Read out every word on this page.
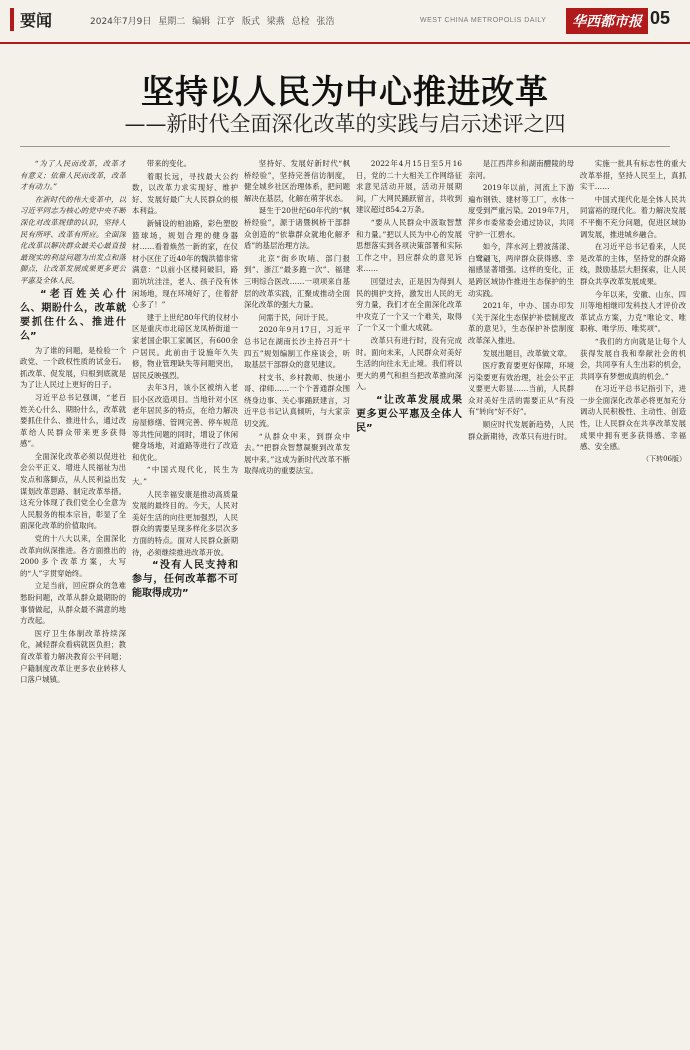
要闻	2024年7月9日 星期二 编辑 江亨 版式 梁燕 总检 张浩	WEST CHINA METROPOLIS DAILY	华西都市报 05
坚持以人民为中心推进改革
——新时代全面深化改革的实践与启示述评之四

“为了人民而改革，改革才有意义；依靠人民而改革，改革才有动力。”

在新时代的伟大变革中，以习近平同志为核心的党中央不断深化对改革规律的认识，坚持人民有所呼、改革有所应。全面深化改革以解决群众最关心最直接最现实的利益问题为出发点和落脚点，让改革发展成果更多更公平惠及全体人民。

“老百姓关心什么、期盼什么，改革就要抓住什么、推进什么”

为了谁的问题，是检验一个政党、一个政权性质的试金石。抓改革、促发展，归根到底就是为了让人民过上更好的日子。

习近平总书记强调，“老百姓关心什么、期盼什么，改革就要抓住什么、推进什么，通过改革给人民群众带来更多获得感”。

全面深化改革必须以促进社会公平正义、增进人民福祉为出发点和落脚点，从人民利益出发谋划改革思路、制定改革举措。这充分体现了我们党全心全意为人民服务的根本宗旨，彰显了全面深化改革的价值取向。

党的十八大以来，全面深化改革向纵深推进。各方面推出的2000多个改革方案，大写的“人”字贯穿始终。

立足当前，回应群众的急难愁盼问题，改革从群众最期盼的事情做起，从群众最不满意的地方改起。

医疗卫生体制改革持续深化，减轻群众看病就医负担；教育改革着力解决教育公平问题；户籍制度改革让更多农业转移人口落户城镇。

带来的变化。

着眼长远，寻找最大公约数，以改革力求实现好、维护好、发展好最广大人民群众的根本利益。

新铺设的柏油路，彩色塑胶篮球场，规划合理的健身器材……看着焕然一新的家，在仪材小区住了近40年的魏洪德非常满意：“以前小区楼间破旧，路面坑坑洼洼，老人、孩子没有休闲场地，现在环境好了，住着舒心多了！”

建于上世纪80年代的仪材小区是重庆市北碚区龙凤桥街道一家老国企职工家属区，有600余户居民。此前由于设施年久失修，物业管理缺失等问题突出，居民反映强烈。

去年3月，该小区被纳入老旧小区改造项目。当地针对小区老年居民多的特点，在给力解决房屋修缮、管网完善、停车规范等共性问题的同时，增设了休闲健身场地，对道路等进行了改造和优化。

“中国式现代化，民生为大。”

人民幸福安康是推动高质量发展的最终目的。今天，人民对美好生活的向往更加强烈，人民群众的需要呈现多样化多层次多方面的特点。面对人民群众新期待，必须继续推进改革开放。

“没有人民支持和参与，任何改革都不可能取得成功”

坚持好、发展好新时代“枫桥经验”，坚持完善信访制度，健全城乡社区治理体系，把问题解决在基层，化解在萌芽状态。

诞生于20世纪60年代的“枫桥经验”，源于诸暨枫桥干部群众创造的“依靠群众就地化解矛盾”的基层治理方法。

北京“街乡吹哨、部门报到”、浙江“最多跑一次”、福建三明综合医改……一项项来自基层的改革实践，汇聚成推动全面深化改革的强大力量。

问需于民，问计于民。

2020年9月17日，习近平总书记在湖南长沙主持召开“十四五”规划编制工作座谈会，听取基层干部群众的意见建议。

村支书、乡村教师、快递小哥、律师……一个个普通群众围绕身边事、关心事踊跃建言，习近平总书记认真倾听，与大家亲切交流。

“从群众中来，到群众中去。”“把群众智慧凝聚到改革发展中来。”这成为新时代改革不断取得成功的重要法宝。

2022年4月15日至5月16日，党的二十大相关工作网络征求意见活动开展，活动开展期间，广大网民踊跃留言，共收到建议超过854.2万条。

“要从人民群众中汲取智慧和力量。”把以人民为中心的发展思想落实到各项决策部署和实际工作之中，回应群众的意见诉求……

回望过去，正是因为得到人民的拥护支持，激发出人民的无穷力量，我们才在全面深化改革中攻克了一个又一个难关，取得了一个又一个重大成就。

改革只有进行时，没有完成时。面向未来，人民群众对美好生活的向往永无止境。我们将以更大的勇气和担当把改革推向深入。

“让改革发展成果更多更公平惠及全体人民”

是江西萍乡和湖南醴陵的母亲河。

2019年以前，河流上下游遍布钢铁、建材等工厂，水体一度受到严重污染。2019年7月，萍乡市委常委会通过协议，共同守护一江碧水。

如今，萍水河上碧波荡漾、白鹭翩飞，两岸群众获得感、幸福感显著增强。这样的变化，正是跨区域协作推进生态保护的生动实践。

2021年，中办、国办印发《关于深化生态保护补偿制度改革的意见》，生态保护补偿制度改革深入推进。

发展出题目，改革做文章。

医疗教育要更好保障，环境污染要更有效治理，社会公平正义要更大彰显……当前，人民群众对美好生活的需要正从“有没有”转向“好不好”。

顺应时代发展新趋势，人民群众新期待，改革只有进行时。

实施一批具有标志性的重大改革举措，坚持人民至上，真抓实干……

中国式现代化是全体人民共同富裕的现代化。着力解决发展不平衡不充分问题，促进区域协调发展，推进城乡融合。

在习近平总书记看来，人民是改革的主体，坚持党的群众路线，鼓励基层大胆探索，让人民群众共享改革发展成果。

今年以来，安徽、山东、四川等地相继印发科技人才评价改革试点方案，力克“唯论文、唯职称、唯学历、唯奖项”。

“我们的方向就是让每个人获得发展自我和奉献社会的机会，共同享有人生出彩的机会，共同享有梦想成真的机会。”

在习近平总书记指引下，进一步全面深化改革必将更加充分调动人民积极性、主动性、创造性，让人民群众在共享改革发展成果中拥有更多获得感、幸福感、安全感。

（下转06版）
